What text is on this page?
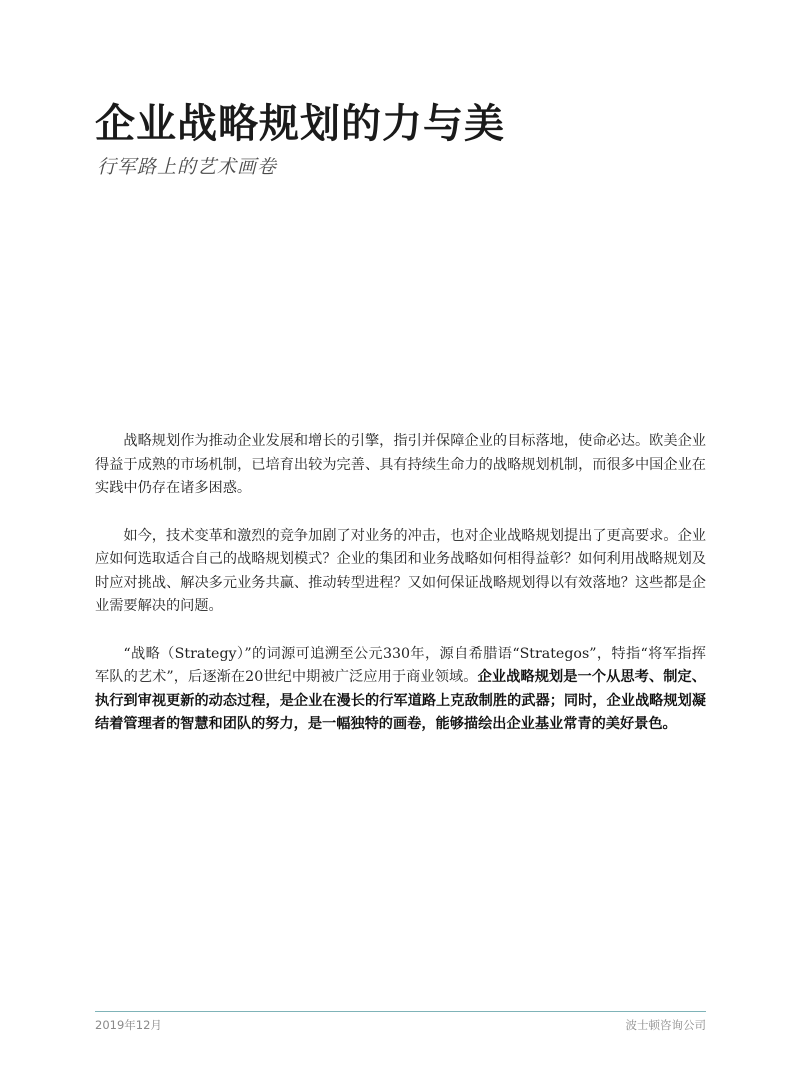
企业战略规划的力与美
行军路上的艺术画卷

战略规划作为推动企业发展和增长的引擎，指引并保障企业的目标落地，使命必达。欧美企业得益于成熟的市场机制，已培育出较为完善、具有持续生命力的战略规划机制，而很多中国企业在实践中仍存在诸多困惑。

如今，技术变革和激烈的竞争加剧了对业务的冲击，也对企业战略规划提出了更高要求。企业应如何选取适合自己的战略规划模式？企业的集团和业务战略如何相得益彰？如何利用战略规划及时应对挑战、解决多元业务共赢、推动转型进程？又如何保证战略规划得以有效落地？这些都是企业需要解决的问题。

“战略（Strategy）”的词源可追溯至公元330年，源自希腊语“Strategos”，特指“将军指挥军队的艺术”，后逐渐在20世纪中期被广泛应用于商业领域。企业战略规划是一个从思考、制定、执行到审视更新的动态过程，是企业在漫长的行军道路上克敌制胜的武器；同时，企业战略规划凝结着管理者的智慧和团队的努力，是一幅独特的画卷，能够描绘出企业基业常青的美好景色。

2019年12月	波士顿咨询公司
